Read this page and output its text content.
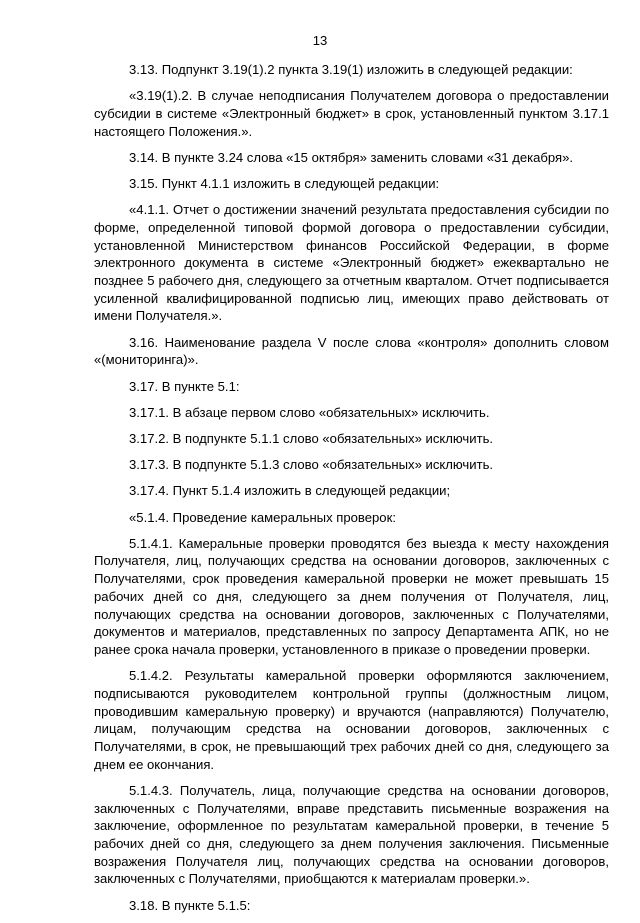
13

3.13. Подпункт 3.19(1).2 пункта 3.19(1) изложить в следующей редакции:

«3.19(1).2. В случае неподписания Получателем договора о предоставлении субсидии в системе «Электронный бюджет» в срок, установленный пунктом 3.17.1 настоящего Положения.».

3.14. В пункте 3.24 слова «15 октября» заменить словами «31 декабря».

3.15. Пункт 4.1.1 изложить в следующей редакции:

«4.1.1. Отчет о достижении значений результата предоставления субсидии по форме, определенной типовой формой договора о предоставлении субсидии, установленной Министерством финансов Российской Федерации, в форме электронного документа в системе «Электронный бюджет» ежеквартально не позднее 5 рабочего дня, следующего за отчетным кварталом. Отчет подписывается усиленной квалифицированной подписью лиц, имеющих право действовать от имени Получателя.».

3.16. Наименование раздела V после слова «контроля» дополнить словом «(мониторинга)».

3.17. В пункте 5.1:

3.17.1. В абзаце первом слово «обязательных» исключить.

3.17.2. В подпункте 5.1.1 слово «обязательных» исключить.

3.17.3. В подпункте 5.1.3 слово «обязательных» исключить.

3.17.4. Пункт 5.1.4 изложить в следующей редакции;

«5.1.4. Проведение камеральных проверок:

5.1.4.1. Камеральные проверки проводятся без выезда к месту нахождения Получателя, лиц, получающих средства на основании договоров, заключенных с Получателями, срок проведения камеральной проверки не может превышать 15 рабочих дней со дня, следующего за днем получения от Получателя, лиц, получающих средства на основании договоров, заключенных с Получателями, документов и материалов, представленных по запросу Департамента АПК, но не ранее срока начала проверки, установленного в приказе о проведении проверки.

5.1.4.2. Результаты камеральной проверки оформляются заключением, подписываются руководителем контрольной группы (должностным лицом, проводившим камеральную проверку) и вручаются (направляются) Получателю, лицам, получающим средства на основании договоров, заключенных с Получателями, в срок, не превышающий трех рабочих дней со дня, следующего за днем ее окончания.

5.1.4.3. Получатель, лица, получающие средства на основании договоров, заключенных с Получателями, вправе представить письменные возражения на заключение, оформленное по результатам камеральной проверки, в течение 5 рабочих дней со дня, следующего за днем получения заключения. Письменные возражения Получателя лиц, получающих средства на основании договоров, заключенных с Получателями, приобщаются к материалам проверки.».

3.18. В пункте 5.1.5:
